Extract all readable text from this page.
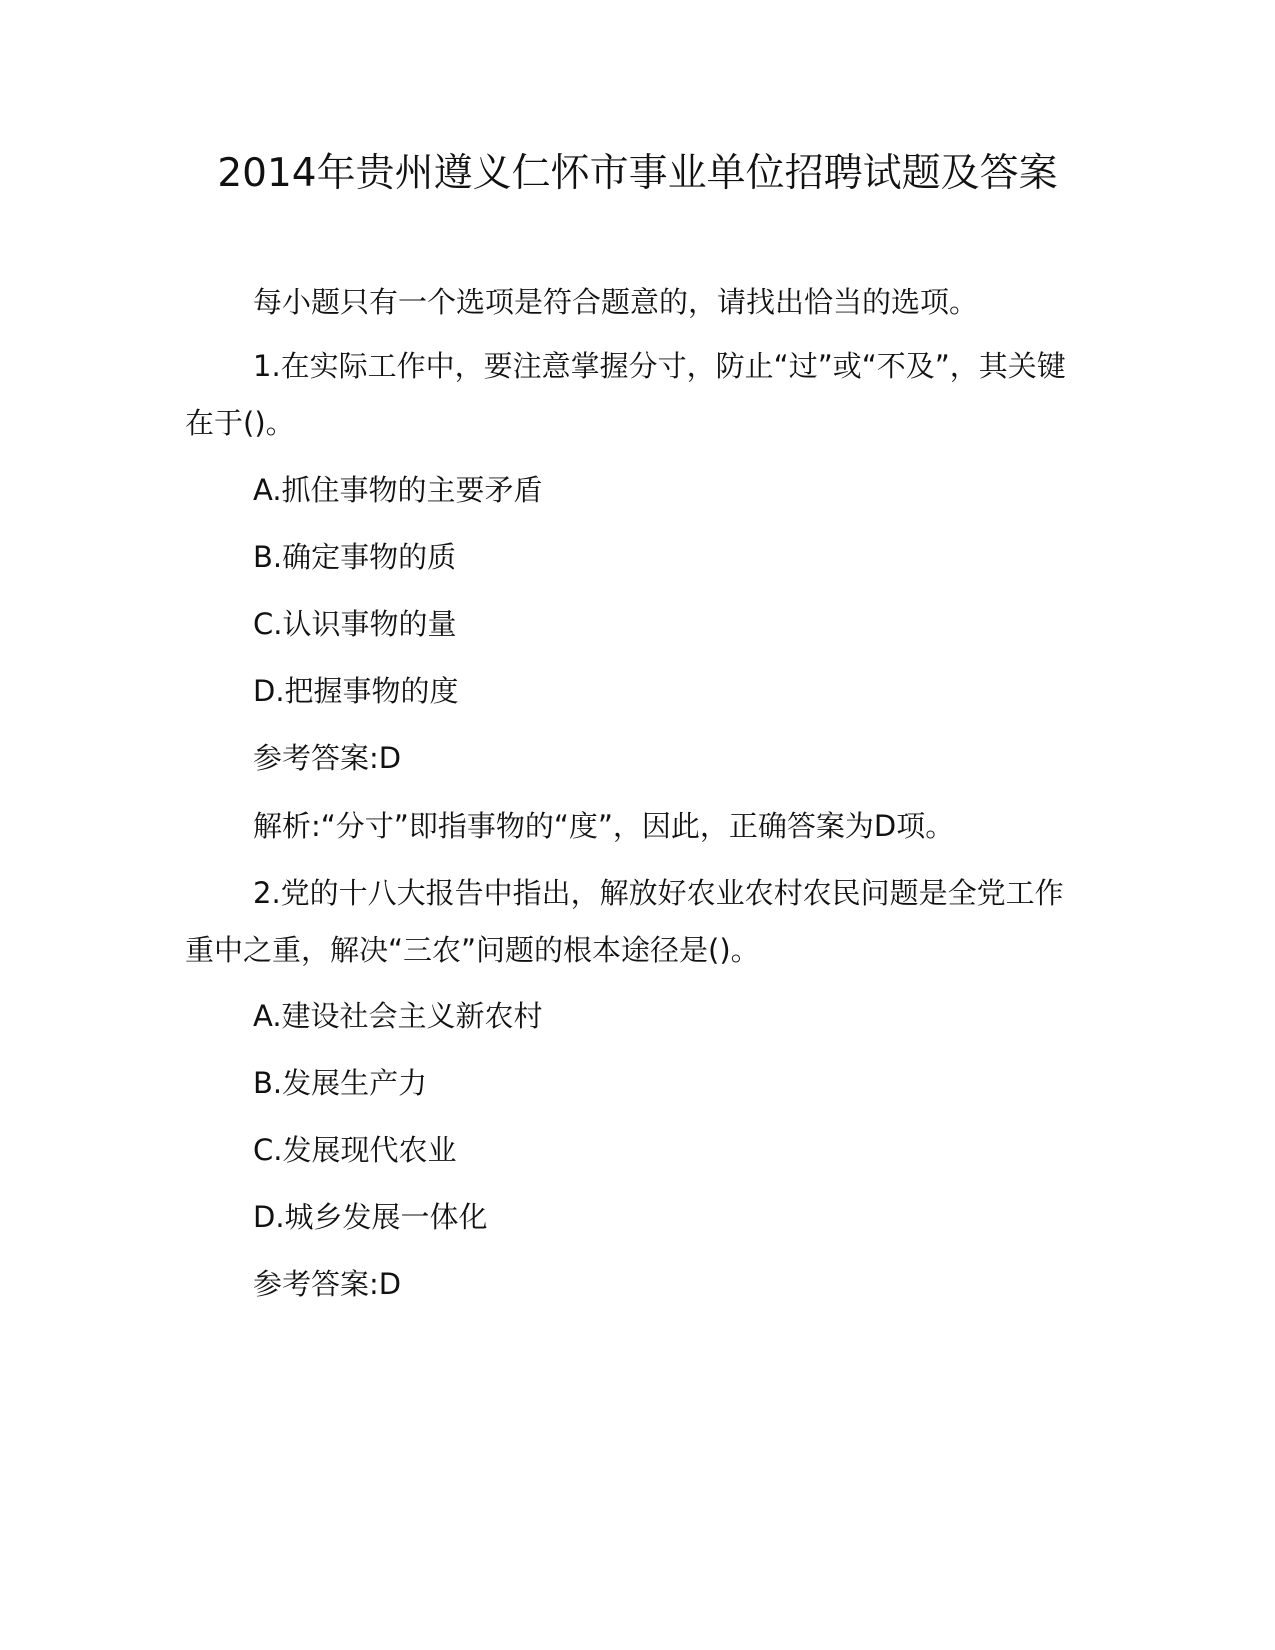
2014年贵州遵义仁怀市事业单位招聘试题及答案

每小题只有一个选项是符合题意的，请找出恰当的选项。

1.在实际工作中，要注意掌握分寸，防止“过”或“不及”，其关键在于()。

A.抓住事物的主要矛盾

B.确定事物的质

C.认识事物的量

D.把握事物的度

参考答案:D

解析:“分寸”即指事物的“度”，因此，正确答案为D项。

2.党的十八大报告中指出，解放好农业农村农民问题是全党工作重中之重，解决“三农”问题的根本途径是()。

A.建设社会主义新农村

B.发展生产力

C.发展现代农业

D.城乡发展一体化

参考答案:D
